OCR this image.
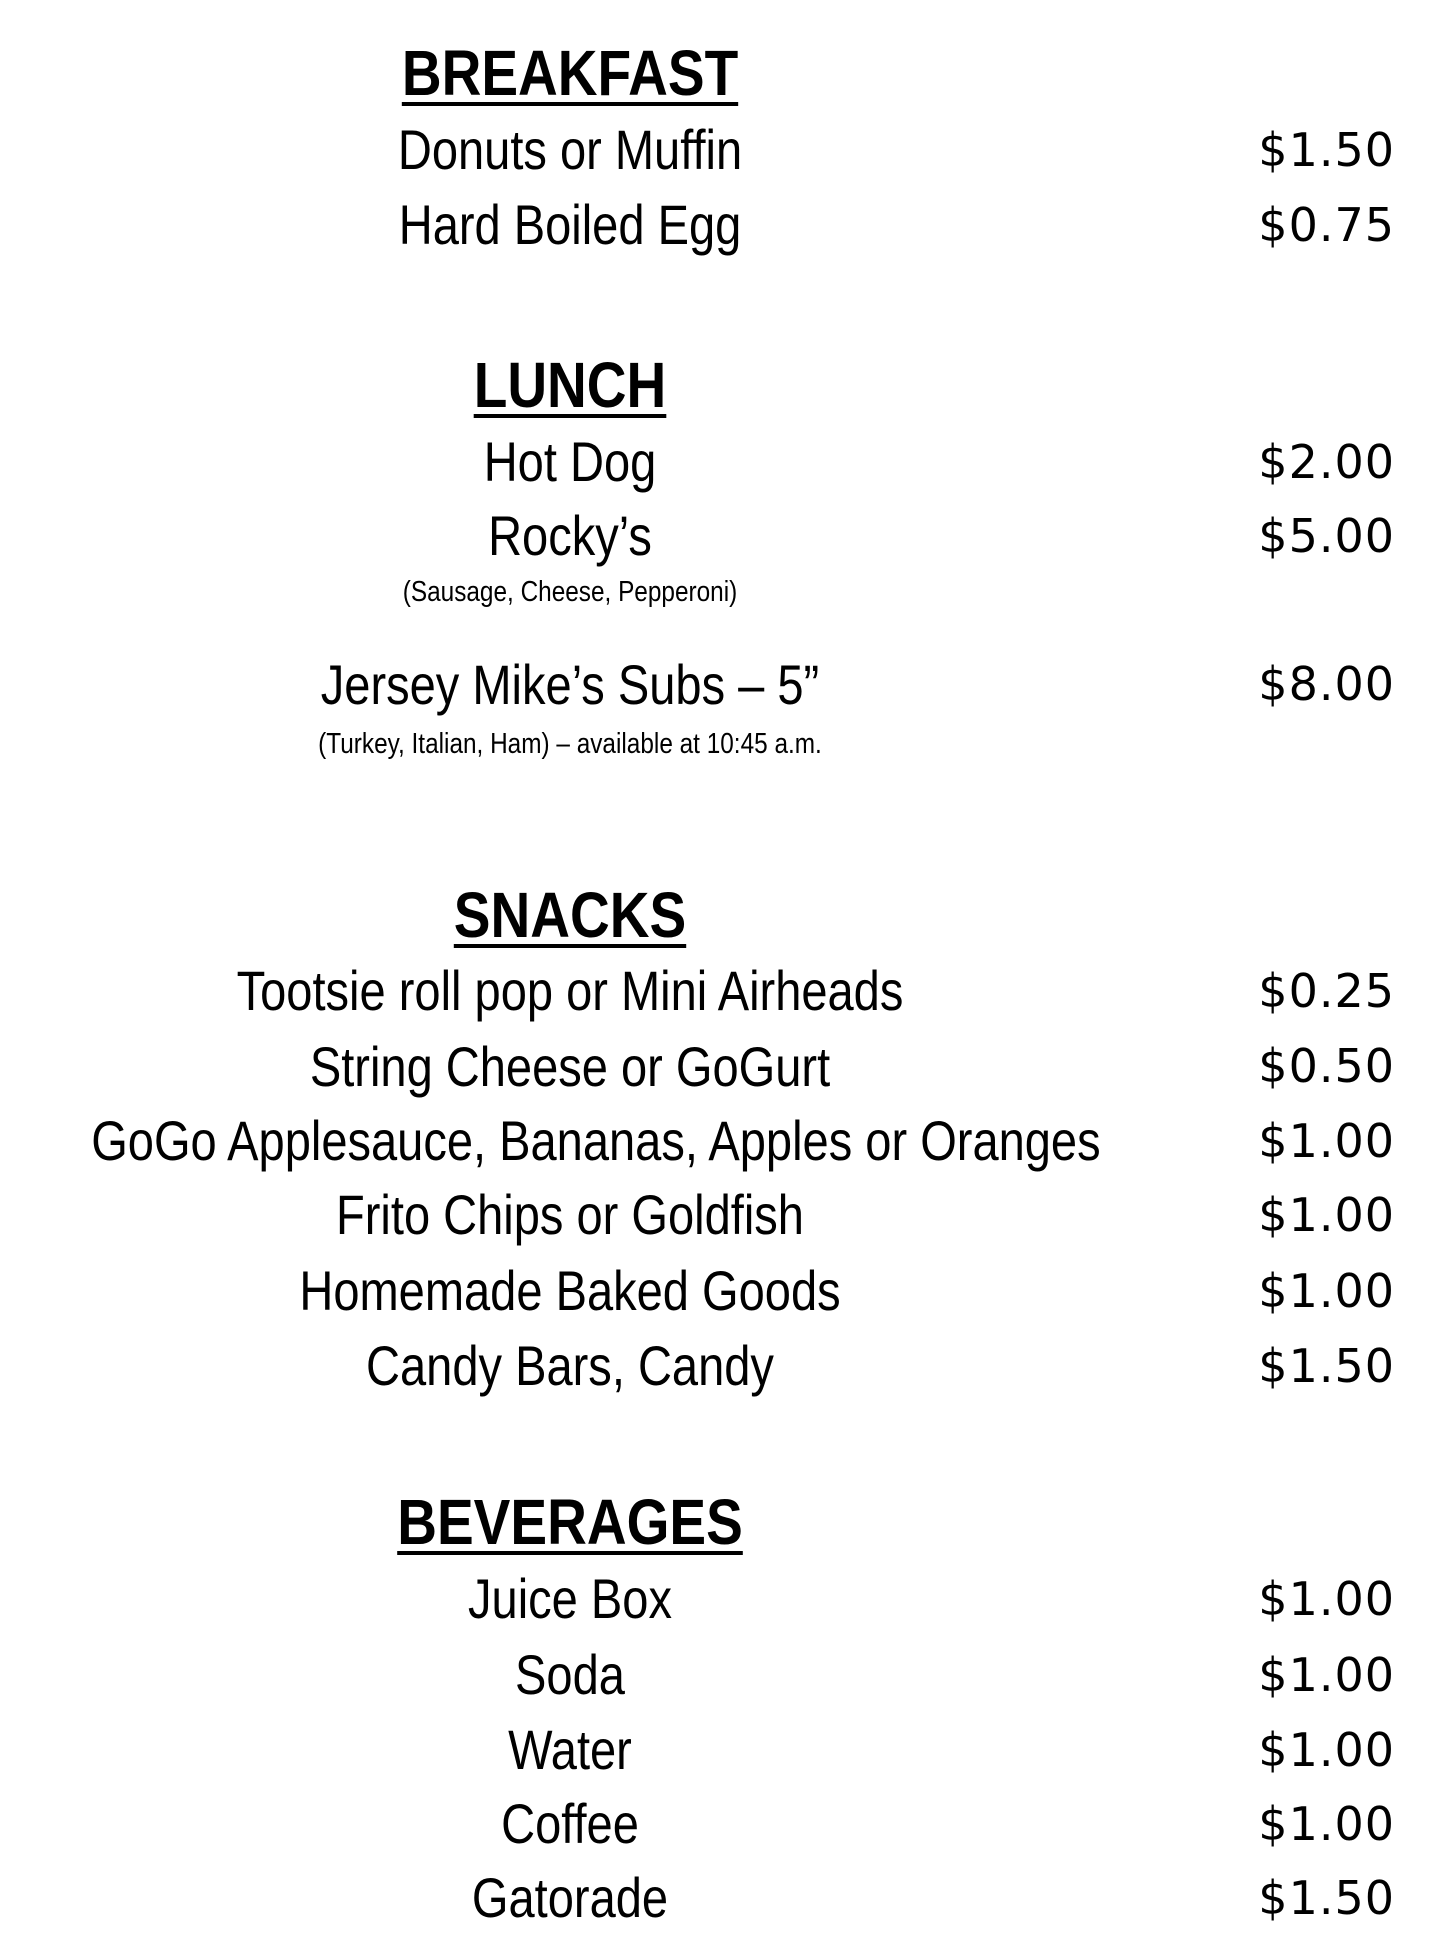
BREAKFAST
Donuts or Muffin	$1.50
Hard Boiled Egg	$0.75
LUNCH
Hot Dog	$2.00
Rocky’s	$5.00
(Sausage, Cheese, Pepperoni)
Jersey Mike’s Subs – 5”	$8.00
(Turkey, Italian, Ham) – available at 10:45 a.m.
SNACKS
Tootsie roll pop or Mini Airheads	$0.25
String Cheese or GoGurt	$0.50
GoGo Applesauce, Bananas, Apples or Oranges	$1.00
Frito Chips or Goldfish	$1.00
Homemade Baked Goods	$1.00
Candy Bars, Candy	$1.50
BEVERAGES
Juice Box	$1.00
Soda	$1.00
Water	$1.00
Coffee	$1.00
Gatorade	$1.50
